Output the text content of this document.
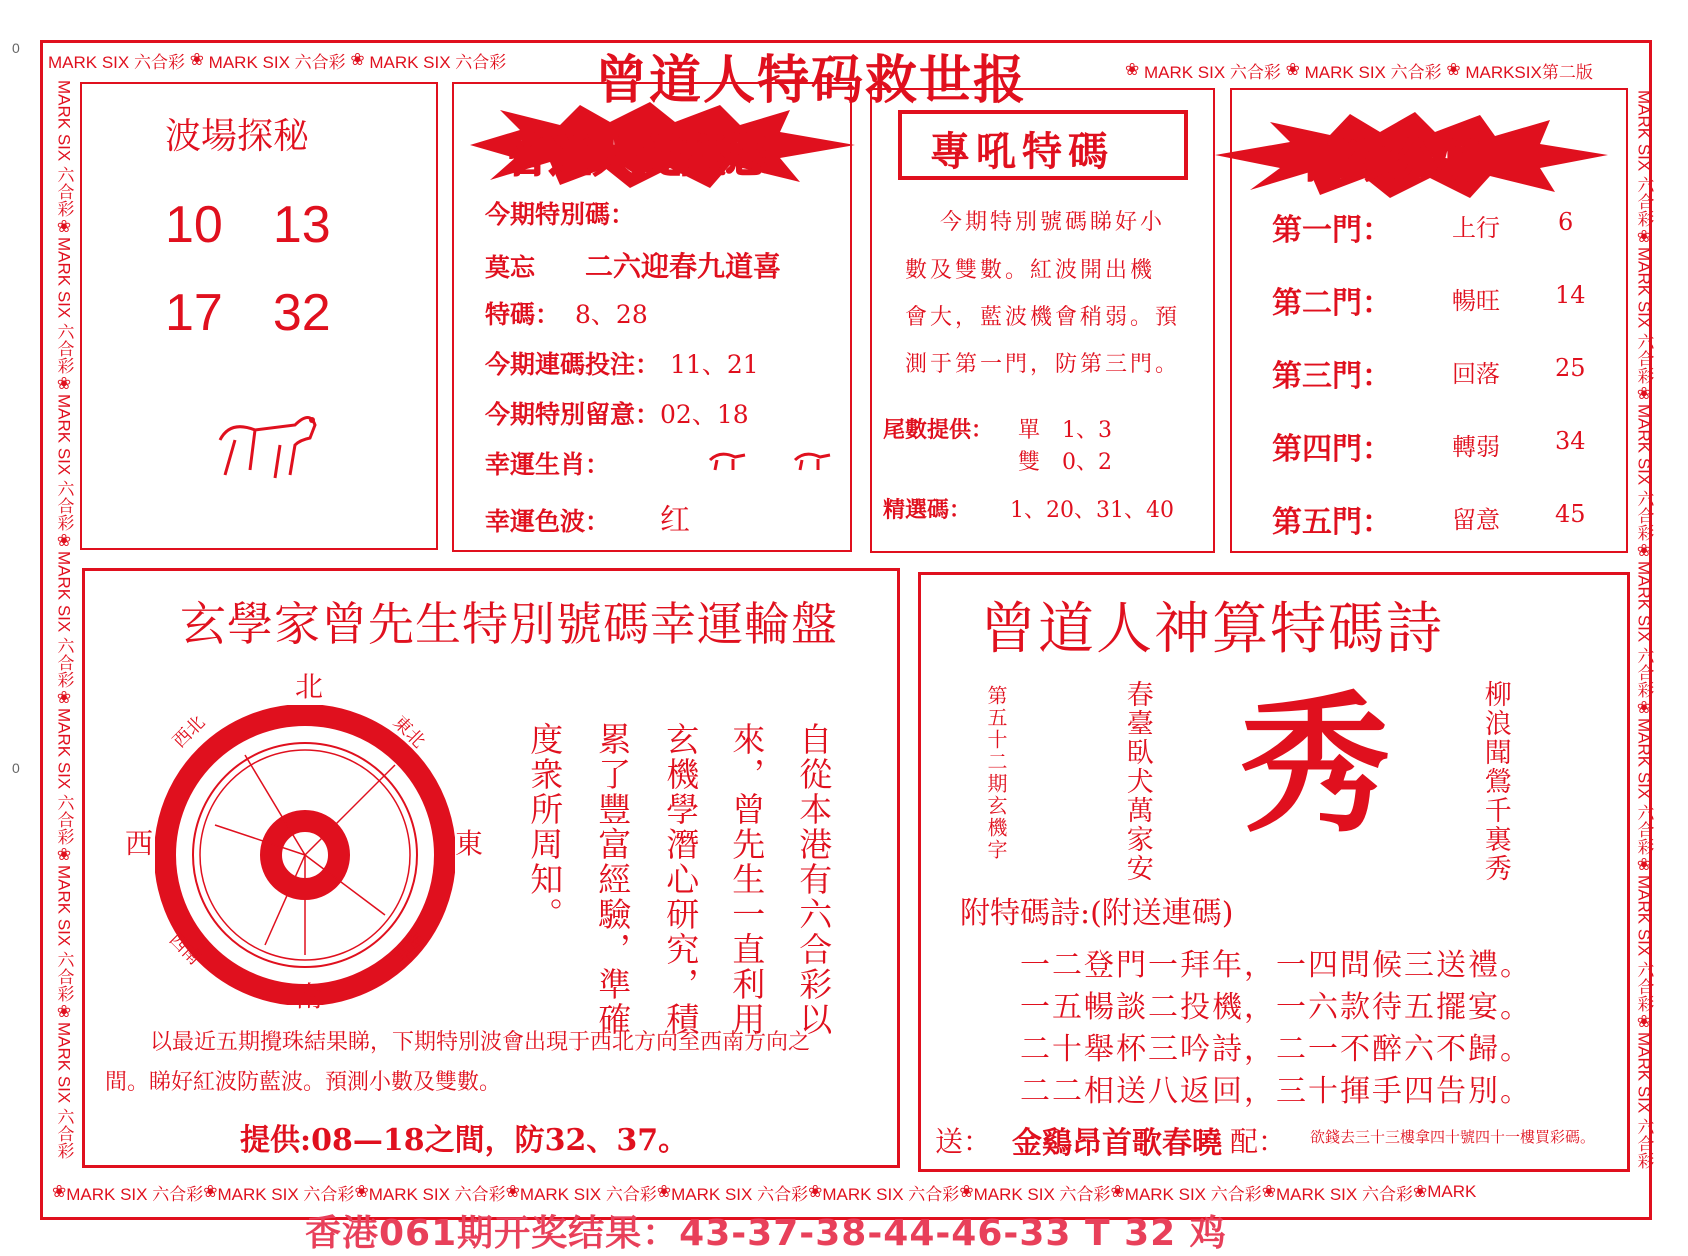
0
0
MARK SIX 六合彩 ❀ MARK SIX 六合彩 ❀ MARK SIX 六合彩	❀ MARK SIX 六合彩 ❀ MARK SIX 六合彩 ❀ MARKSIX第二版
❀ MARK SIX 六合彩 ❀ MARK SIX 六合彩 ❀ MARK SIX 六合彩 ❀ MARK SIX 六合彩 ❀ MARK SIX 六合彩 ❀ MARK SIX 六合彩 ❀ MARK SIX 六合彩 ❀ MARK SIX 六合彩 ❀ MARK SIX 六合彩 ❀ MARK
MARK SIX 六合彩
❀
MARK SIX 六合彩
❀
MARK SIX 六合彩
❀
MARK SIX 六合彩
❀
MARK SIX 六合彩
❀
MARK SIX 六合彩
❀
MARK SIX 六合彩
MARK SIX 六合彩
❀
MARK SIX 六合彩
❀
MARK SIX 六合彩
❀
MARK SIX 六合彩
❀
MARK SIX 六合彩
❀
MARK SIX 六合彩
❀
MARK SIX 六合彩
曾道人特码救世报
波場探秘
10 13
17 32
曾道人提醒您
今期特別碼：
莫忘 二六迎春九道喜
特碼： 8、28
今期連碼投注： 11、21
今期特別留意：02、18
幸運生肖：
幸運色波： 红
專吼特碼
今期特別號碼睇好小
數及雙數。紅波開出機
會大，藍波機會稍弱。預
測于第一門，防第三門。
尾數提供： 單　1、3
雙　0、2
精選碼： 1、20、31、40
門類分析
第一門：	上行 6
第二門：	暢旺 14
第三門：	回落 25
第四門：	轉弱 34
第五門：	留意 45
玄學家曾先生特別號碼幸運輪盤
北
南
東
西
西北	東北
西南	東南	自從本港有六合彩以
來，曾先生一直利用
玄機學潛心研究，積
累了豐富經驗，準確
度衆所周知。
以最近五期攪珠結果睇，下期特別波會出現于西北方向至西南方向之
間。睇好紅波防藍波。預測小數及雙數。
提供:08—18之間，防32、37。
曾道人神算特碼詩
第五十二期玄機字	春臺臥犬萬家安	柳浪聞鶯千裏秀
秀
附特碼詩:(附送連碼)
一二登門一拜年，一四問候三送禮。
一五暢談二投機，一六款待五擺宴。
二十舉杯三吟詩，二一不醉六不歸。
二二相送八返回，三十揮手四告別。
送： 金鷄昂首歌春曉 配： 欲錢去三十三樓拿四十號四十一樓買彩碼。
香港061期开奖结果：43-37-38-44-46-33 T 32 鸡
